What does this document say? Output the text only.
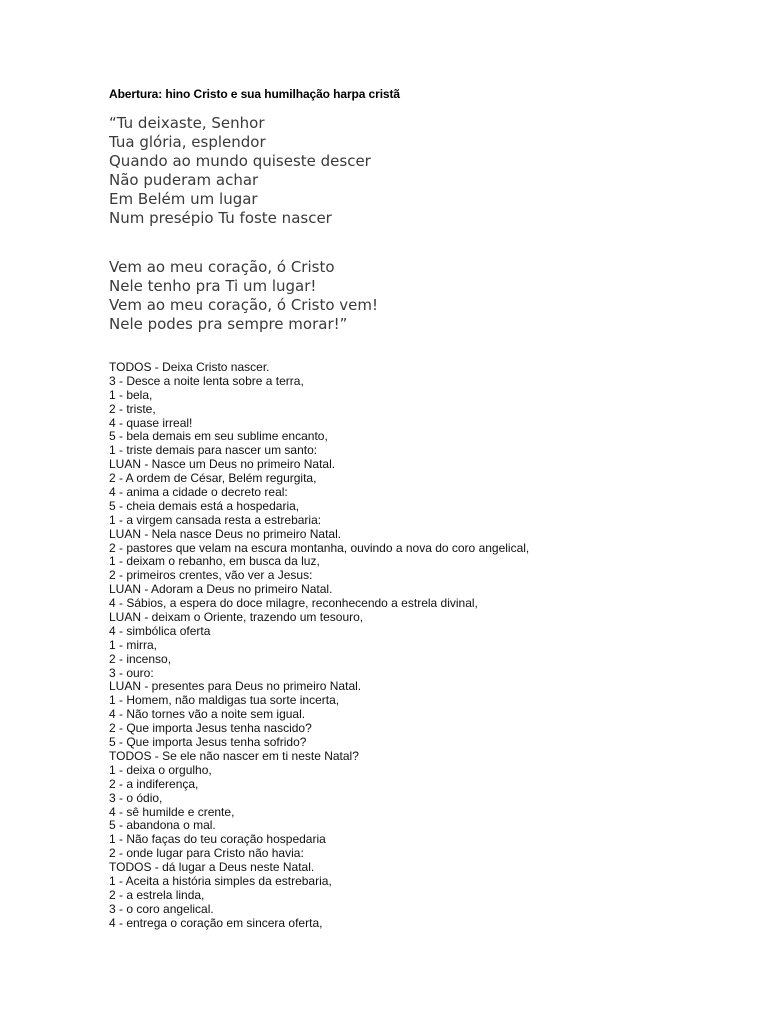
Abertura: hino Cristo e sua humilhação harpa cristã
“Tu deixaste, Senhor
Tua glória, esplendor
Quando ao mundo quiseste descer
Não puderam achar
Em Belém um lugar
Num presépio Tu foste nascer
Vem ao meu coração, ó Cristo
Nele tenho pra Ti um lugar!
Vem ao meu coração, ó Cristo vem!
Nele podes pra sempre morar!”
TODOS - Deixa Cristo nascer.
3 - Desce a noite lenta sobre a terra,
1 - bela,
2 - triste,
4 - quase irreal!
5 - bela demais em seu sublime encanto,
1 - triste demais para nascer um santo:
LUAN - Nasce um Deus no primeiro Natal.
2 - A ordem de César, Belém regurgita,
4 - anima a cidade o decreto real:
5 - cheia demais está a hospedaria,
1 - a virgem cansada resta a estrebaria:
LUAN - Nela nasce Deus no primeiro Natal.
2 - pastores que velam na escura montanha, ouvindo a nova do coro angelical,
1 - deixam o rebanho, em busca da luz,
2 - primeiros crentes, vão ver a Jesus:
LUAN - Adoram a Deus no primeiro Natal.
4 - Sábios, a espera do doce milagre, reconhecendo a estrela divinal,
LUAN - deixam o Oriente, trazendo um tesouro,
4 - simbólica oferta
1 - mirra,
2 - incenso,
3 - ouro:
LUAN - presentes para Deus no primeiro Natal.
1 - Homem, não maldigas tua sorte incerta,
4 - Não tornes vão a noite sem igual.
2 - Que importa Jesus tenha nascido?
5 - Que importa Jesus tenha sofrido?
TODOS - Se ele não nascer em ti neste Natal?
1 - deixa o orgulho,
2 - a indiferença,
3 - o ódio,
4 - sê humilde e crente,
5 - abandona o mal.
1 - Não faças do teu coração hospedaria
2 - onde lugar para Cristo não havia:
TODOS - dá lugar a Deus neste Natal.
1 - Aceita a história simples da estrebaria,
2 - a estrela linda,
3 - o coro angelical.
4 - entrega o coração em sincera oferta,
